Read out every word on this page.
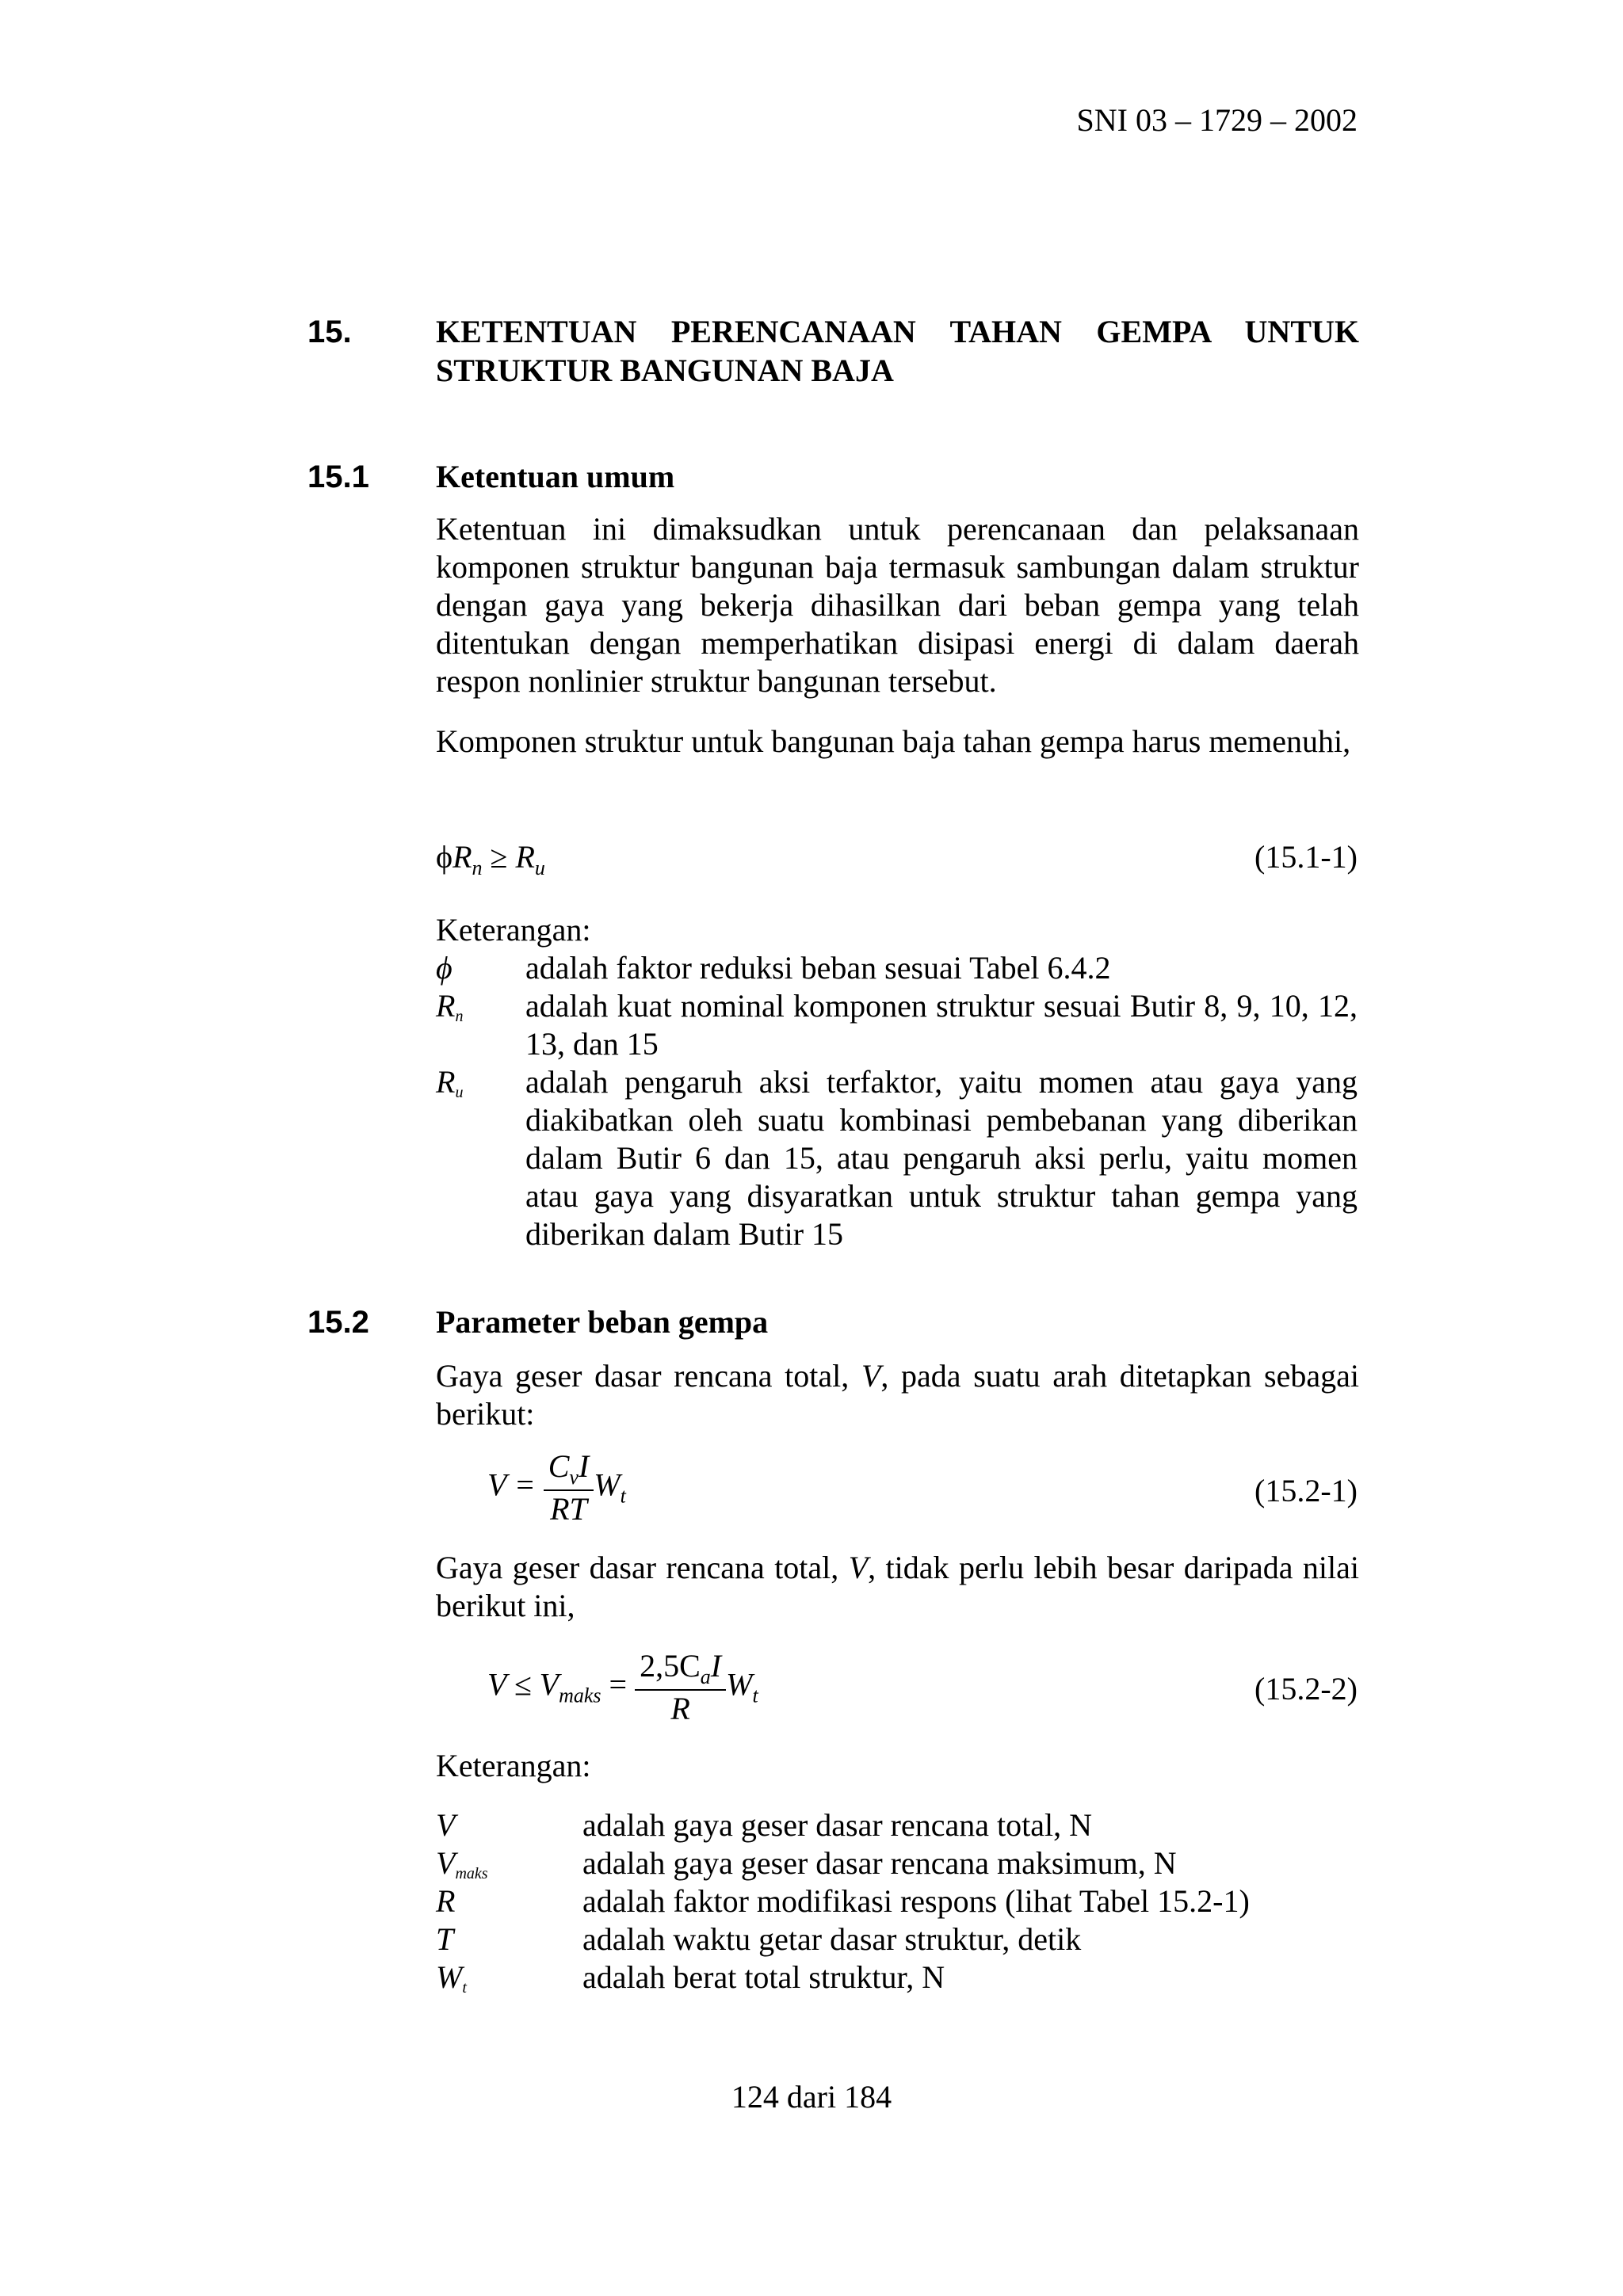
SNI 03 – 1729 – 2002
15.	KETENTUAN PERENCANAAN TAHAN GEMPA UNTUK STRUKTUR BANGUNAN BAJA
15.1 Ketentuan umum
Ketentuan ini dimaksudkan untuk perencanaan dan pelaksanaan komponen struktur bangunan baja termasuk sambungan dalam struktur dengan gaya yang bekerja dihasilkan dari beban gempa yang telah ditentukan dengan memperhatikan disipasi energi di dalam daerah respon nonlinier struktur bangunan tersebut.
Komponen struktur untuk bangunan baja tahan gempa harus memenuhi,
$\phi R_n \ge R_u$	(15.1-1)
Keterangan:
ϕ adalah faktor reduksi beban sesuai Tabel 6.4.2
Rn adalah kuat nominal komponen struktur sesuai Butir 8, 9, 10, 12, 13, dan 15
Ru adalah pengaruh aksi terfaktor, yaitu momen atau gaya yang diakibatkan oleh suatu kombinasi pembebanan yang diberikan dalam Butir 6 dan 15, atau pengaruh aksi perlu, yaitu momen atau gaya yang disyaratkan untuk struktur tahan gempa yang diberikan dalam Butir 15
15.2 Parameter beban gempa
Gaya geser dasar rencana total, V, pada suatu arah ditetapkan sebagai berikut:
$V = \frac{C_vI}{RT} W_t$	(15.2-1)
Gaya geser dasar rencana total, V, tidak perlu lebih besar daripada nilai berikut ini,
$V \le V_{maks} = \frac{2,5C_aI}{R} W_t$	(15.2-2)
Keterangan:
V	adalah gaya geser dasar rencana total, N
Vmaks	adalah gaya geser dasar rencana maksimum, N
R	adalah faktor modifikasi respons (lihat Tabel 15.2-1)
T	adalah waktu getar dasar struktur, detik
Wt	adalah berat total struktur, N
124 dari 184
